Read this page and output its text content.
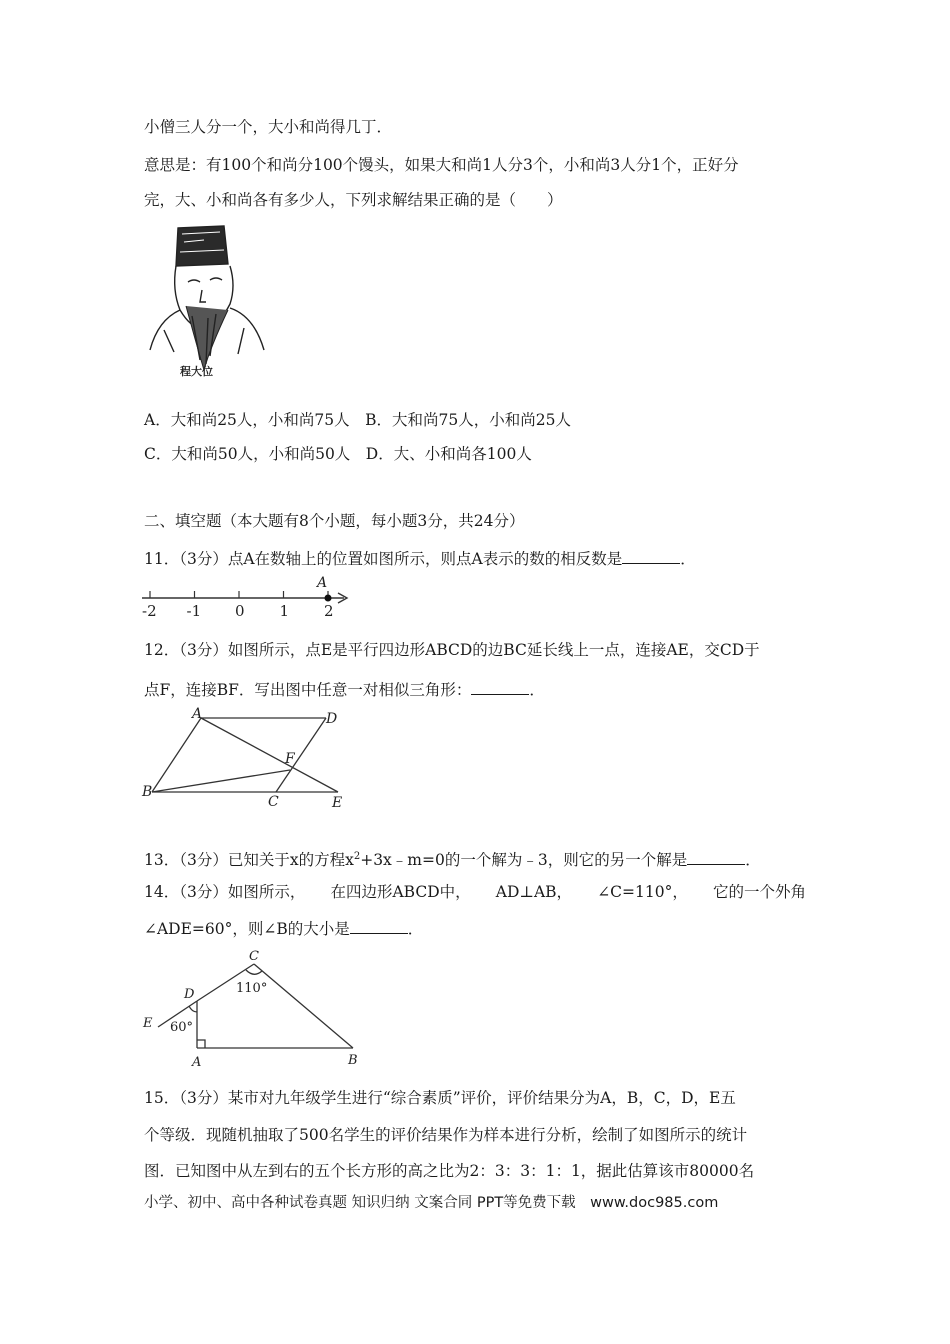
小僧三人分一个，大小和尚得几丁．
意思是：有100个和尚分100个馒头，如果大和尚1人分3个，小和尚3人分1个，正好分
完，大、小和尚各有多少人，下列求解结果正确的是（　　）
程大位
A．大和尚25人，小和尚75人　B．大和尚75人，小和尚25人
C．大和尚50人，小和尚50人　D．大、小和尚各100人
二、填空题（本大题有8个小题，每小题3分，共24分）
11．（3分）点A在数轴上的位置如图所示，则点A表示的数的相反数是	．
-2 -1 0 1 2
A
12．（3分）如图所示，点E是平行四边形ABCD的边BC延长线上一点，连接AE，交CD于
点F，连接BF．写出图中任意一对相似三角形：	．
A	D
F
B
C	E
13．（3分）已知关于x的方程$x^2+3x﹣m=0$的一个解为﹣3，则它的另一个解是	．
14．（3分）如图所示， 在四边形ABCD中， AD⊥AB， ∠C=110°， 它的一个外角
∠ADE=60°，则∠B的大小是	．
C
110°
D
E 60°
A	B
15．（3分）某市对九年级学生进行“综合素质”评价，评价结果分为A，B，C，D，E五
个等级．现随机抽取了500名学生的评价结果作为样本进行分析，绘制了如图所示的统计
图．已知图中从左到右的五个长方形的高之比为2：3：3：1：1，据此估算该市80000名
小学、初中、高中各种试卷真题 知识归纳 文案合同 PPT等免费下载　www.doc985.com
